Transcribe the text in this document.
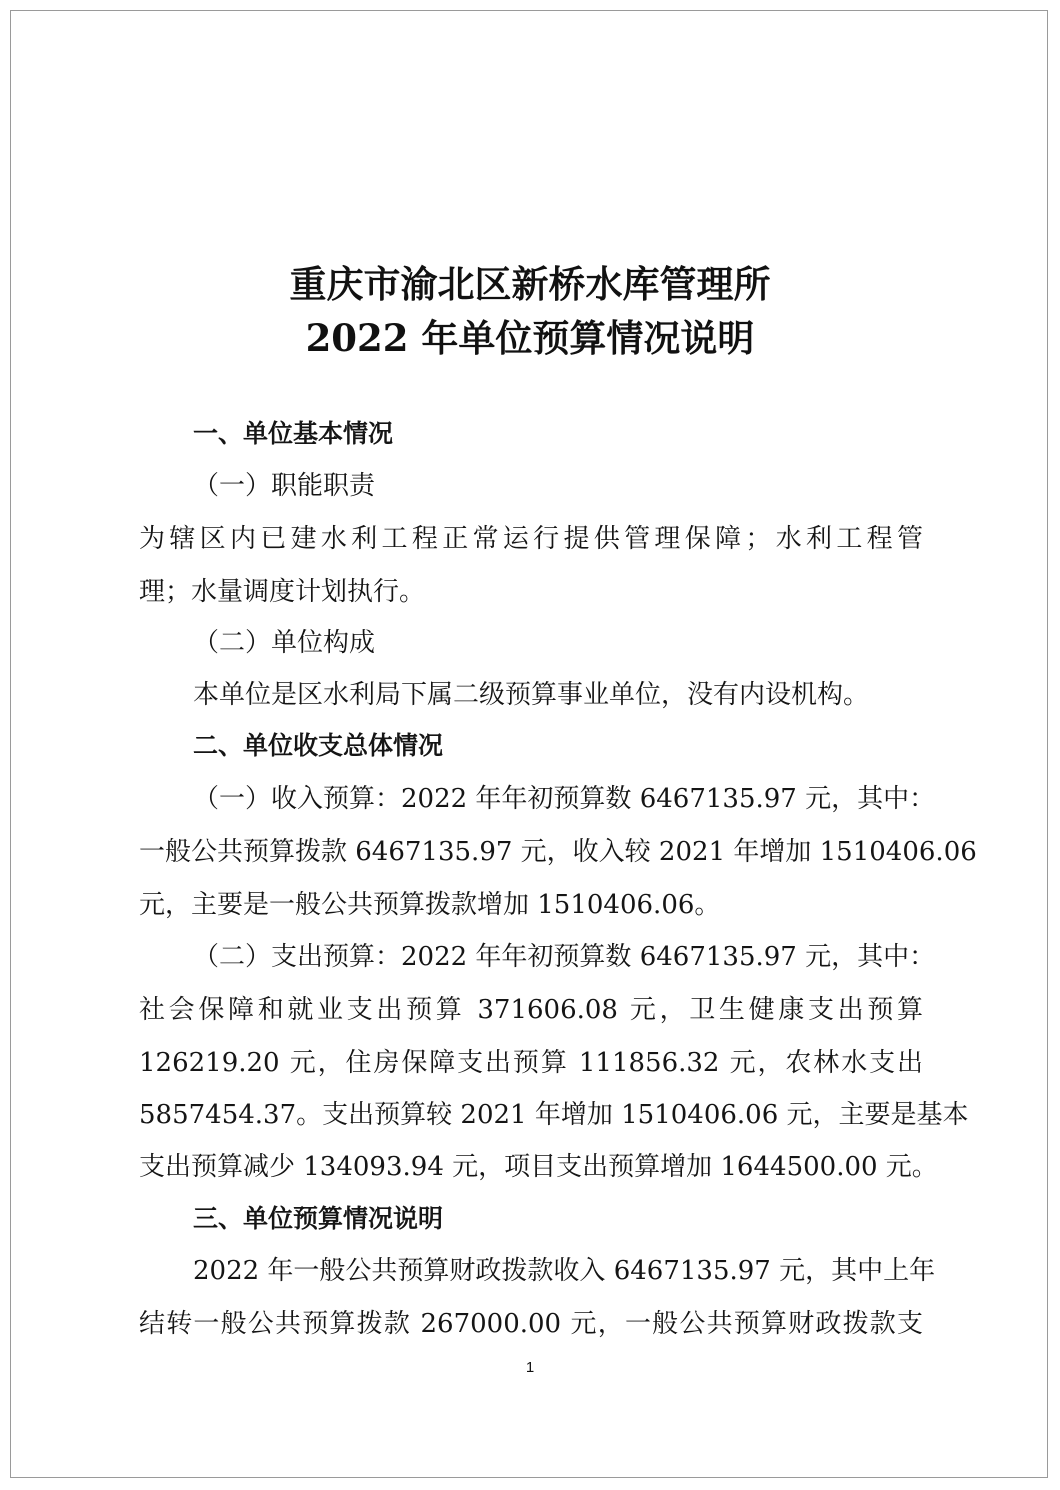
重庆市渝北区新桥水库管理所
2022 年单位预算情况说明
一、单位基本情况
（一）职能职责
为辖区内已建水利工程正常运行提供管理保障；水利工程管
理；水量调度计划执行。
（二）单位构成
本单位是区水利局下属二级预算事业单位，没有内设机构。
二、单位收支总体情况
（一）收入预算：2022 年年初预算数 6467135.97 元，其中：
一般公共预算拨款 6467135.97 元，收入较 2021 年增加 1510406.06
元，主要是一般公共预算拨款增加 1510406.06。
（二）支出预算：2022 年年初预算数 6467135.97 元，其中：
社会保障和就业支出预算 371606.08 元，卫生健康支出预算
126219.20 元，住房保障支出预算 111856.32 元，农林水支出
5857454.37。支出预算较 2021 年增加 1510406.06 元，主要是基本
支出预算减少 134093.94 元，项目支出预算增加 1644500.00 元。
三、单位预算情况说明
2022 年一般公共预算财政拨款收入 6467135.97 元，其中上年
结转一般公共预算拨款 267000.00 元，一般公共预算财政拨款支
1
